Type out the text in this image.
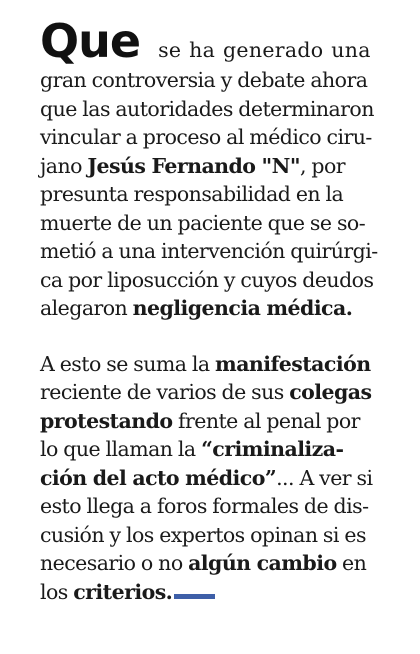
Que se ha generado una
gran controversia y debate ahora
que las autoridades determinaron
vincular a proceso al médico ciru-
jano Jesús Fernando "N", por
presunta responsabilidad en la
muerte de un paciente que se so-
metió a una intervención quirúrgi-
ca por liposucción y cuyos deudos
alegaron negligencia médica.
A esto se suma la manifestación
reciente de varios de sus colegas
protestando frente al penal por
lo que llaman la “criminaliza-
ción del acto médico”... A ver si
esto llega a foros formales de dis-
cusión y los expertos opinan si es
necesario o no algún cambio en
los criterios.
